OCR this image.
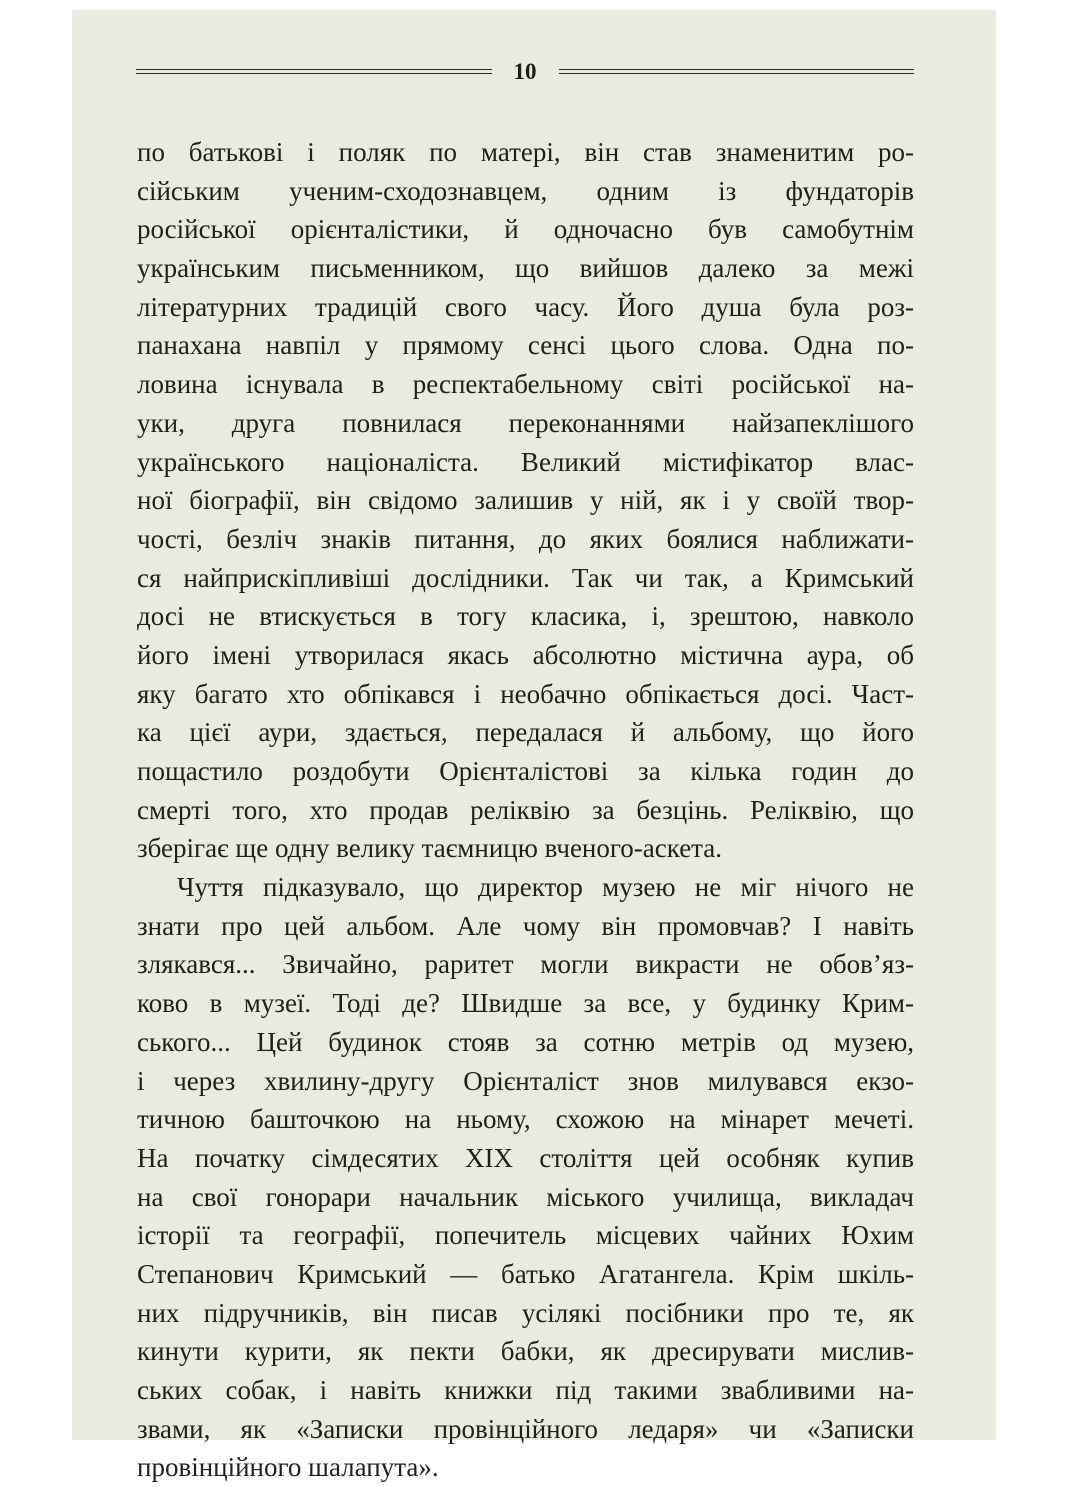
10
по батькові і поляк по матері, він став знаменитим ро-
сійським ученим-сходознавцем, одним із фундаторів
російської орієнталістики, й одночасно був самобутнім
українським письменником, що вийшов далеко за межі
літературних традицій свого часу. Його душа була роз-
панахана навпіл у прямому сенсі цього слова. Одна по-
ловина існувала в респектабельному світі російської на-
уки, друга повнилася переконаннями найзапеклішого
українського націоналіста. Великий містифікатор влас-
ної біографії, він свідомо залишив у ній, як і у своїй твор-
чості, безліч знаків питання, до яких боялися наближати-
ся найприскіпливіші дослідники. Так чи так, а Кримський
досі не втискується в тогу класика, і, зрештою, навколо
його імені утворилася якась абсолютно містична аура, об
яку багато хто обпікався і необачно обпікається досі. Част-
ка цієї аури, здається, передалася й альбому, що його
пощастило роздобути Орієнталістові за кілька годин до
смерті того, хто продав реліквію за безцінь. Реліквію, що
зберігає ще одну велику таємницю вченого-аскета.
Чуття підказувало, що директор музею не міг нічого не
знати про цей альбом. Але чому він промовчав? І навіть
злякався... Звичайно, раритет могли викрасти не обов’яз-
ково в музеї. Тоді де? Швидше за все, у будинку Крим-
ського... Цей будинок стояв за сотню метрів од музею,
і через хвилину-другу Орієнталіст знов милувався екзо-
тичною башточкою на ньому, схожою на мінарет мечеті.
На початку сімдесятих XIX століття цей особняк купив
на свої гонорари начальник міського училища, викладач
історії та географії, попечитель місцевих чайних Юхим
Степанович Кримський — батько Агатангела. Крім шкіль-
них підручників, він писав усілякі посібники про те, як
кинути курити, як пекти бабки, як дресирувати мислив-
ських собак, і навіть книжки під такими звабливими на-
звами, як «Записки провінційного ледаря» чи «Записки
провінційного шалапута».
